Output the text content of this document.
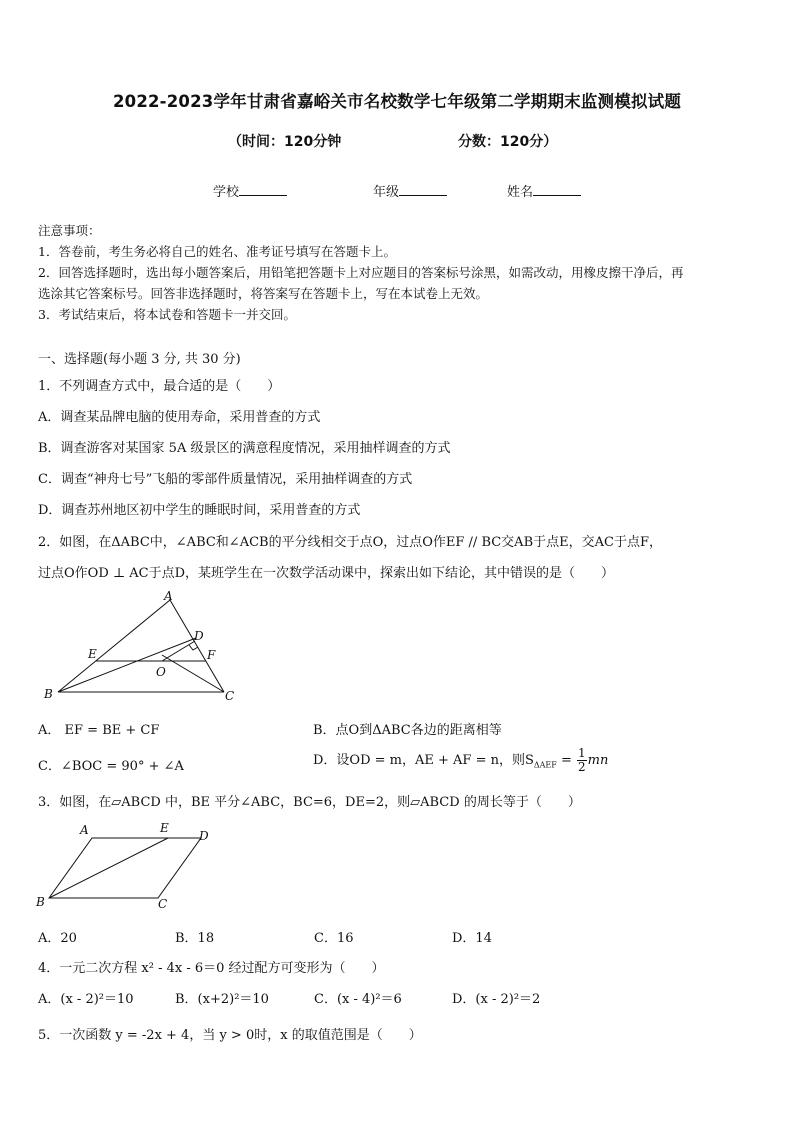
2022-2023学年甘肃省嘉峪关市名校数学七年级第二学期期末监测模拟试题
（时间：120分钟	分数：120分）
学校	年级	姓名
注意事项：
1．答卷前，考生务必将自己的姓名、准考证号填写在答题卡上。
2．回答选择题时，选出每小题答案后，用铅笔把答题卡上对应题目的答案标号涂黑，如需改动，用橡皮擦干净后，再
选涂其它答案标号。回答非选择题时，将答案写在答题卡上，写在本试卷上无效。
3．考试结束后，将本试卷和答题卡一并交回。
一、选择题(每小题 3 分, 共 30 分)
1．不列调查方式中，最合适的是（　　）
A．调查某品牌电脑的使用寿命，采用普查的方式
B．调查游客对某国家 5A 级景区的满意程度情况，采用抽样调查的方式
C．调查“神舟七号”飞船的零部件质量情况，采用抽样调查的方式
D．调查苏州地区初中学生的睡眠时间，采用普查的方式
2．如图，在ΔABC中，∠ABC和∠ACB的平分线相交于点O，过点O作EF // BC交AB于点E，交AC于点F，
过点O作OD ⊥ AC于点D，某班学生在一次数学活动课中，探索出如下结论，其中错误的是（　　）
A
B	C
D
E	F
O
A． EF = BE + CF	B．点O到ΔABC各边的距离相等
C．∠BOC = 90° + ∠A	D．设OD = m，AE + AF = n，则$S_{\Delta AEF} = \frac{1}{2}$ mn
3．如图，在▱ABCD 中，BE 平分∠ABC，BC=6，DE=2，则▱ABCD 的周长等于（　　）
A	E
D
B	C
A．20	B．18	C．16	D．14
4．一元二次方程 x² - 4x - 6＝0 经过配方可变形为（　　）
A．(x - 2)²＝10	B．(x+2)²＝10	C．(x - 4)²＝6	D．(x - 2)²＝2
5．一次函数 y = -2x + 4，当 y > 0时，x 的取值范围是（　　）
